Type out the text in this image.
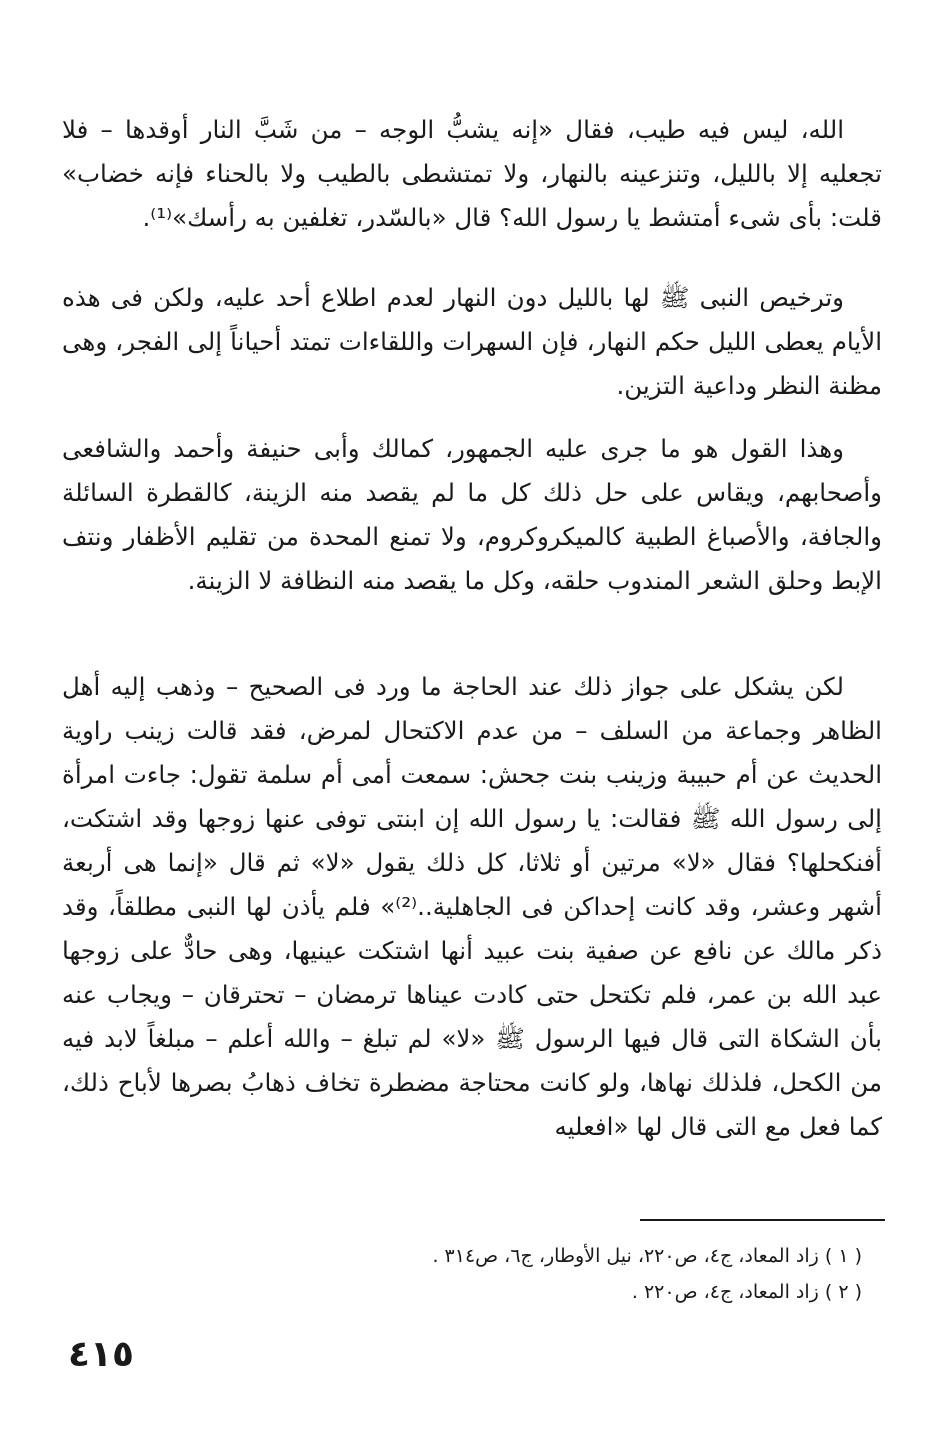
الله، ليس فيه طيب، فقال «إنه يشبُّ الوجه – من شَبَّ النار أوقدها – فلا تجعليه إلا بالليل، وتنزعينه بالنهار، ولا تمتشطى بالطيب ولا بالحناء فإنه خضاب» قلت: بأى شىء أمتشط يا رسول الله؟ قال «بالسّدر، تغلفين به رأسك»⁽¹⁾.

وترخيص النبى ﷺ لها بالليل دون النهار لعدم اطلاع أحد عليه، ولكن فى هذه الأيام يعطى الليل حكم النهار، فإن السهرات واللقاءات تمتد أحياناً إلى الفجر، وهى مظنة النظر وداعية التزين.

وهذا القول هو ما جرى عليه الجمهور، كمالك وأبى حنيفة وأحمد والشافعى وأصحابهم، ويقاس على حل ذلك كل ما لم يقصد منه الزينة، كالقطرة السائلة والجافة، والأصباغ الطبية كالميكروكروم، ولا تمنع المحدة من تقليم الأظفار ونتف الإبط وحلق الشعر المندوب حلقه، وكل ما يقصد منه النظافة لا الزينة.

لكن يشكل على جواز ذلك عند الحاجة ما ورد فى الصحيح – وذهب إليه أهل الظاهر وجماعة من السلف – من عدم الاكتحال لمرض، فقد قالت زينب راوية الحديث عن أم حبيبة وزينب بنت جحش: سمعت أمى أم سلمة تقول: جاءت امرأة إلى رسول الله ﷺ فقالت: يا رسول الله إن ابنتى توفى عنها زوجها وقد اشتكت، أفنكحلها؟ فقال «لا» مرتين أو ثلاثا، كل ذلك يقول «لا» ثم قال «إنما هى أربعة أشهر وعشر، وقد كانت إحداكن فى الجاهلية..⁽²⁾» فلم يأذن لها النبى مطلقاً، وقد ذكر مالك عن نافع عن صفية بنت عبيد أنها اشتكت عينيها، وهى حادٌّ على زوجها عبد الله بن عمر، فلم تكتحل حتى كادت عيناها ترمضان – تحترقان – ويجاب عنه بأن الشكاة التى قال فيها الرسول ﷺ «لا» لم تبلغ – والله أعلم – مبلغاً لابد فيه من الكحل، فلذلك نهاها، ولو كانت محتاجة مضطرة تخاف ذهابُ بصرها لأباح ذلك، كما فعل مع التى قال لها «افعليه

( ١ ) زاد المعاد، ج٤، ص٢٢٠، نيل الأوطار، ج٦، ص٣١٤ .

( ٢ ) زاد المعاد، ج٤، ص٢٢٠ .

٤١٥
